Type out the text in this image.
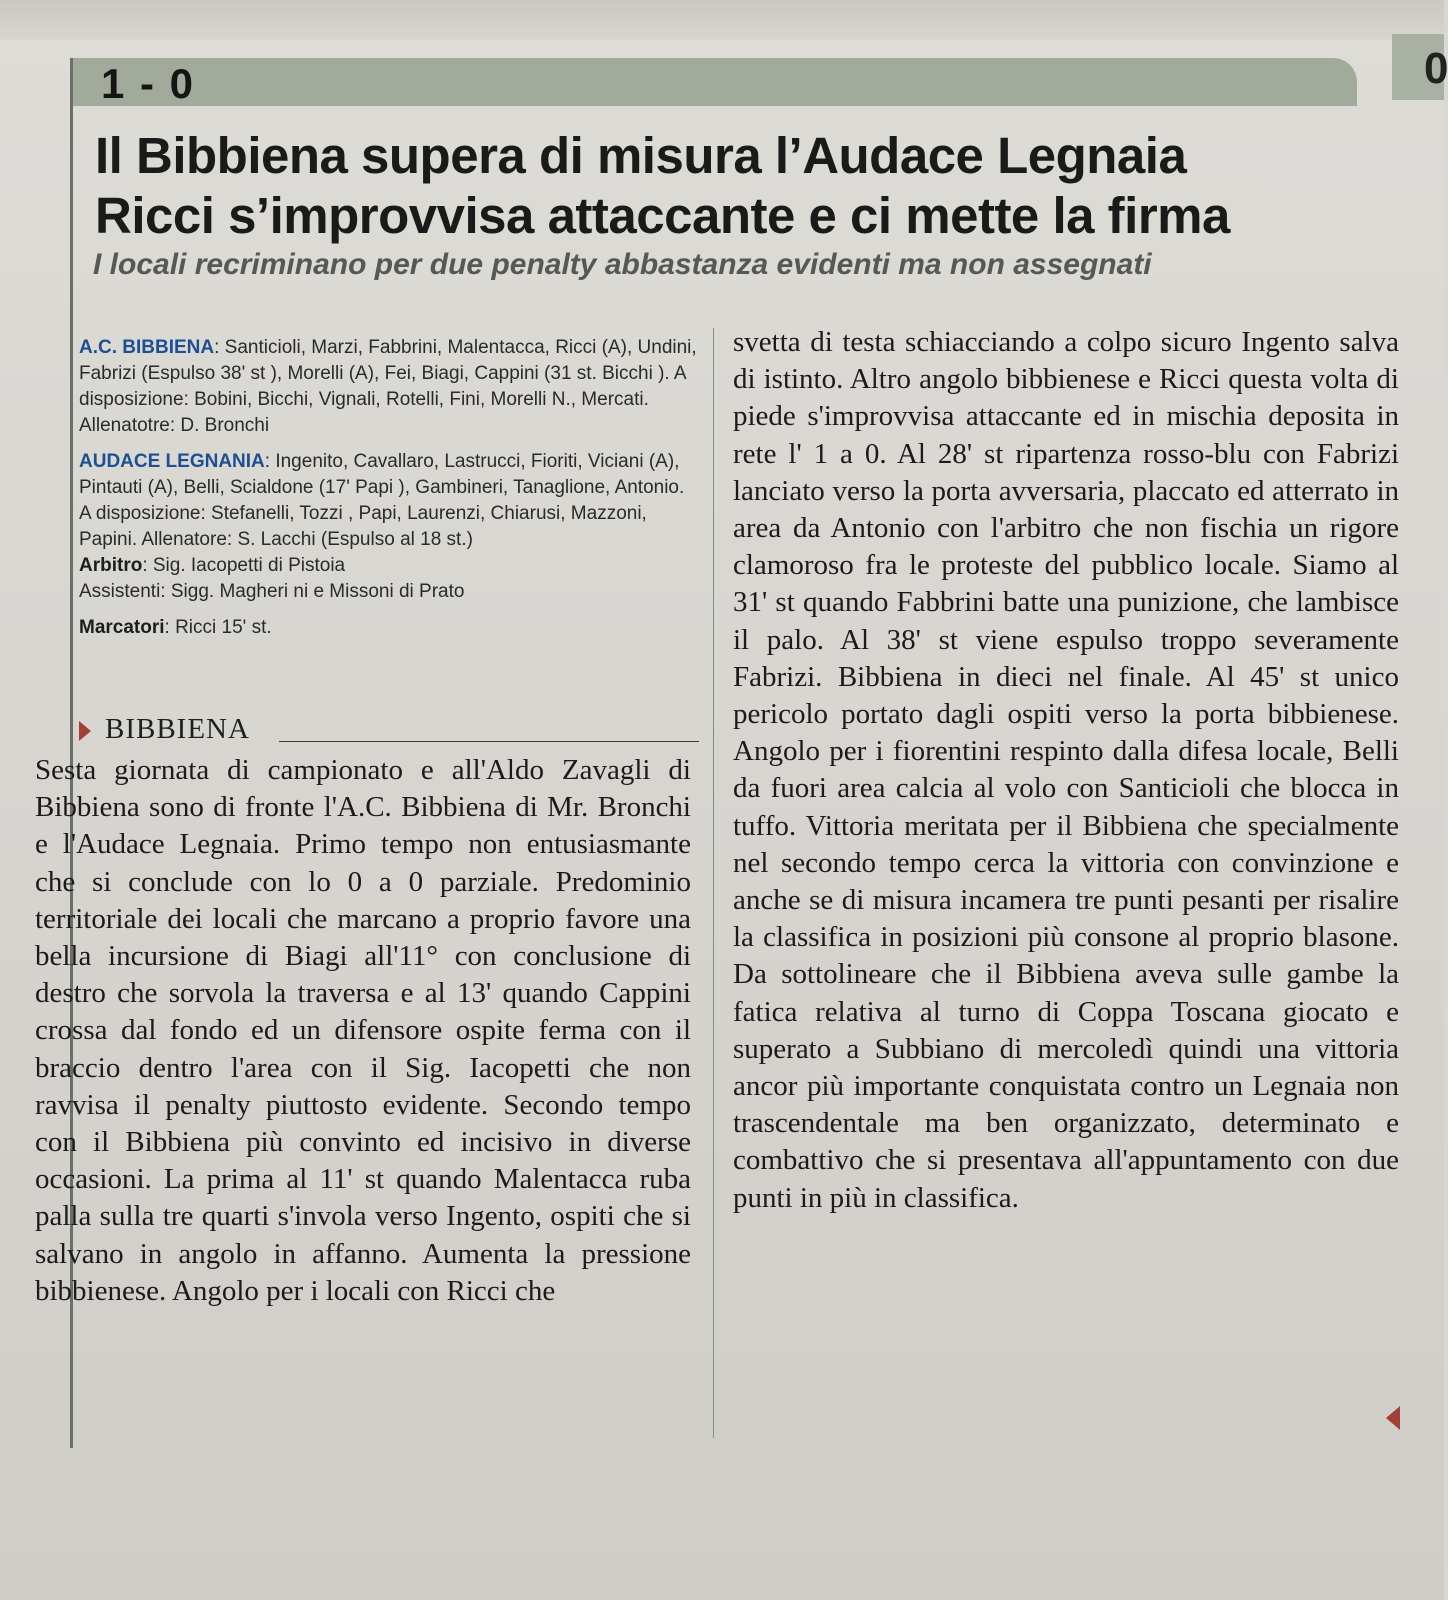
0
1 - 0
Il Bibbiena supera di misura l’Audace Legnaia
Ricci s’improvvisa attaccante e ci mette la firma
I locali recriminano per due penalty abbastanza evidenti ma non assegnati

A.C. BIBBIENA: Santicioli, Marzi, Fabbrini, Malentacca, Ricci (A), Undini, Fabrizi (Espulso 38' st ), Morelli (A), Fei, Biagi, Cappini (31 st. Bicchi ). A disposizione: Bobini, Bicchi, Vignali, Rotelli, Fini, Morelli N., Mercati. Allenatotre: D. Bronchi

AUDACE LEGNANIA: Ingenito, Cavallaro, Lastrucci, Fioriti, Viciani (A), Pintauti (A), Belli, Scialdone (17' Papi ), Gambineri, Tanaglione, Antonio. A disposizione: Stefanelli, Tozzi , Papi, Laurenzi, Chiarusi, Mazzoni, Papini. Allenatore: S. Lacchi (Espulso al 18 st.)

Arbitro: Sig. Iacopetti di Pistoia

Assistenti: Sigg. Magheri ni e Missoni di Prato

Marcatori: Ricci 15' st.

BIBBIENA
Sesta giornata di campionato e all'Aldo Zavagli di Bibbiena sono di fronte l'A.C. Bibbiena di Mr. Bronchi e l'Audace Legnaia. Primo tempo non entusiasmante che si conclude con lo 0 a 0 parziale. Predominio territoriale dei locali che marcano a proprio favore una bella incursione di Biagi all'11° con conclusione di destro che sorvola la traversa e al 13' quando Cappini crossa dal fondo ed un difensore ospite ferma con il braccio dentro l'area con il Sig. Iacopetti che non ravvisa il penalty piuttosto evidente. Secondo tempo con il Bibbiena più convinto ed incisivo in diverse occasioni. La prima al 11' st quando Malentacca ruba palla sulla tre quarti s'invola verso Ingento, ospiti che si salvano in angolo in affanno. Aumenta la pressione bibbienese. Angolo per i locali con Ricci che
svetta di testa schiacciando a colpo sicuro Ingento salva di istinto. Altro angolo bibbienese e Ricci questa volta di piede s'improvvisa attaccante ed in mischia deposita in rete l' 1 a 0. Al 28' st ripartenza rosso-blu con Fabrizi lanciato verso la porta avversaria, placcato ed atterrato in area da Antonio con l'arbitro che non fischia un rigore clamoroso fra le proteste del pubblico locale. Siamo al 31' st quando Fabbrini batte una punizione, che lambisce il palo. Al 38' st viene espulso troppo severamente Fabrizi. Bibbiena in dieci nel finale. Al 45' st unico pericolo portato dagli ospiti verso la porta bibbienese. Angolo per i fiorentini respinto dalla difesa locale, Belli da fuori area calcia al volo con Santicioli che blocca in tuffo. Vittoria meritata per il Bibbiena che specialmente nel secondo tempo cerca la vittoria con convinzione e anche se di misura incamera tre punti pesanti per risalire la classifica in posizioni più consone al proprio blasone. Da sottolineare che il Bibbiena aveva sulle gambe la fatica relativa al turno di Coppa Toscana giocato e superato a Subbiano di mercoledì quindi una vittoria ancor più importante conquistata contro un Legnaia non trascendentale ma ben organizzato, determinato e combattivo che si presentava all'appuntamento con due punti in più in classifica.
